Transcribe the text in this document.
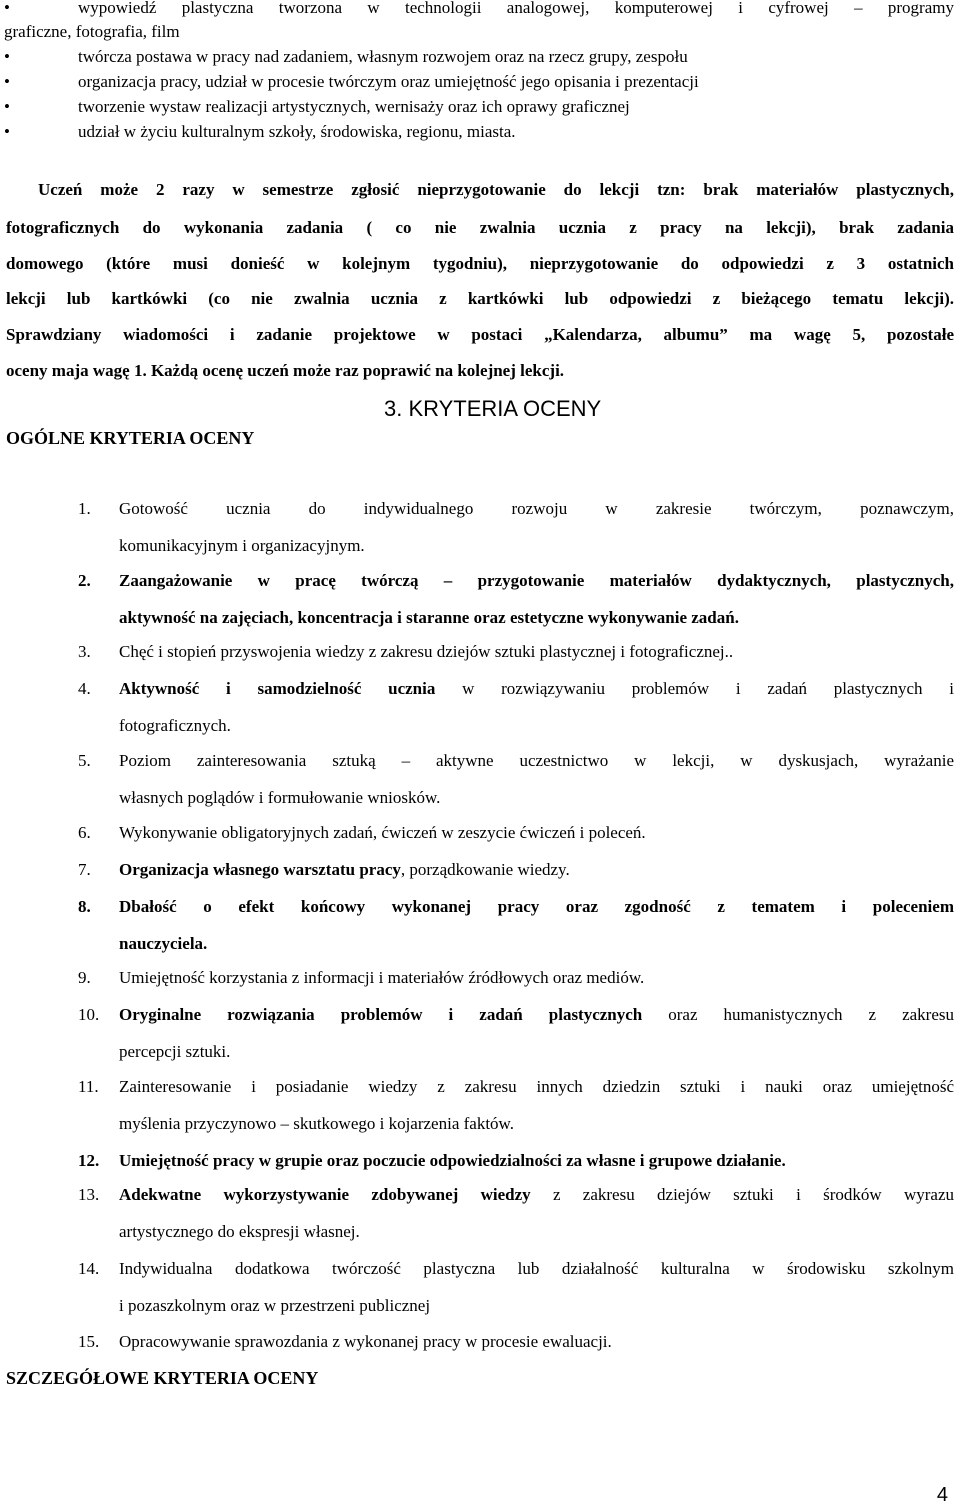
•	wypowiedź plastyczna tworzona w technologii analogowej, komputerowej i cyfrowej – programy
graficzne, fotografia, film
•	twórcza postawa w pracy nad zadaniem, własnym rozwojem oraz na rzecz grupy, zespołu
•	organizacja pracy, udział w procesie twórczym oraz umiejętność jego opisania i prezentacji
•	tworzenie wystaw realizacji artystycznych, wernisaży oraz ich oprawy graficznej
•	udział w życiu kulturalnym szkoły, środowiska, regionu, miasta.
Uczeń może 2 razy w semestrze zgłosić nieprzygotowanie do lekcji tzn: brak materiałów plastycznych,
fotograficznych do wykonania zadania ( co nie zwalnia ucznia z pracy na lekcji), brak zadania
domowego (które musi donieść w kolejnym tygodniu), nieprzygotowanie do odpowiedzi z 3 ostatnich
lekcji lub kartkówki (co nie zwalnia ucznia z kartkówki lub odpowiedzi z bieżącego tematu lekcji).
Sprawdziany wiadomości i zadanie projektowe w postaci „Kalendarza, albumu” ma wagę 5, pozostałe
oceny maja wagę 1. Każdą ocenę uczeń może raz poprawić na kolejnej lekcji.
3. KRYTERIA OCENY
OGÓLNE KRYTERIA OCENY
1. Gotowość ucznia do indywidualnego rozwoju w zakresie twórczym, poznawczym,
komunikacyjnym i organizacyjnym.
2. Zaangażowanie w pracę twórczą – przygotowanie materiałów dydaktycznych, plastycznych,
aktywność na zajęciach, koncentracja i staranne oraz estetyczne wykonywanie zadań.
3. Chęć i stopień przyswojenia wiedzy z zakresu dziejów sztuki plastycznej i fotograficznej..
4. Aktywność i samodzielność ucznia w rozwiązywaniu problemów i zadań plastycznych i
fotograficznych.
5. Poziom zainteresowania sztuką – aktywne uczestnictwo w lekcji, w dyskusjach, wyrażanie
własnych poglądów i formułowanie wniosków.
6. Wykonywanie obligatoryjnych zadań, ćwiczeń w zeszycie ćwiczeń i poleceń.
7. Organizacja własnego warsztatu pracy, porządkowanie wiedzy.
8. Dbałość o efekt końcowy wykonanej pracy oraz zgodność z tematem i poleceniem
nauczyciela.
9. Umiejętność korzystania z informacji i materiałów źródłowych oraz mediów.
10. Oryginalne rozwiązania problemów i zadań plastycznych oraz humanistycznych z zakresu
percepcji sztuki.
11. Zainteresowanie i posiadanie wiedzy z zakresu innych dziedzin sztuki i nauki oraz umiejętność
myślenia przyczynowo – skutkowego i kojarzenia faktów.
12. Umiejętność pracy w grupie oraz poczucie odpowiedzialności za własne i grupowe działanie.
13. Adekwatne wykorzystywanie zdobywanej wiedzy z zakresu dziejów sztuki i środków wyrazu
artystycznego do ekspresji własnej.
14. Indywidualna dodatkowa twórczość plastyczna lub działalność kulturalna w środowisku szkolnym
i pozaszkolnym oraz w przestrzeni publicznej
15. Opracowywanie sprawozdania z wykonanej pracy w procesie ewaluacji.
SZCZEGÓŁOWE KRYTERIA OCENY
4
